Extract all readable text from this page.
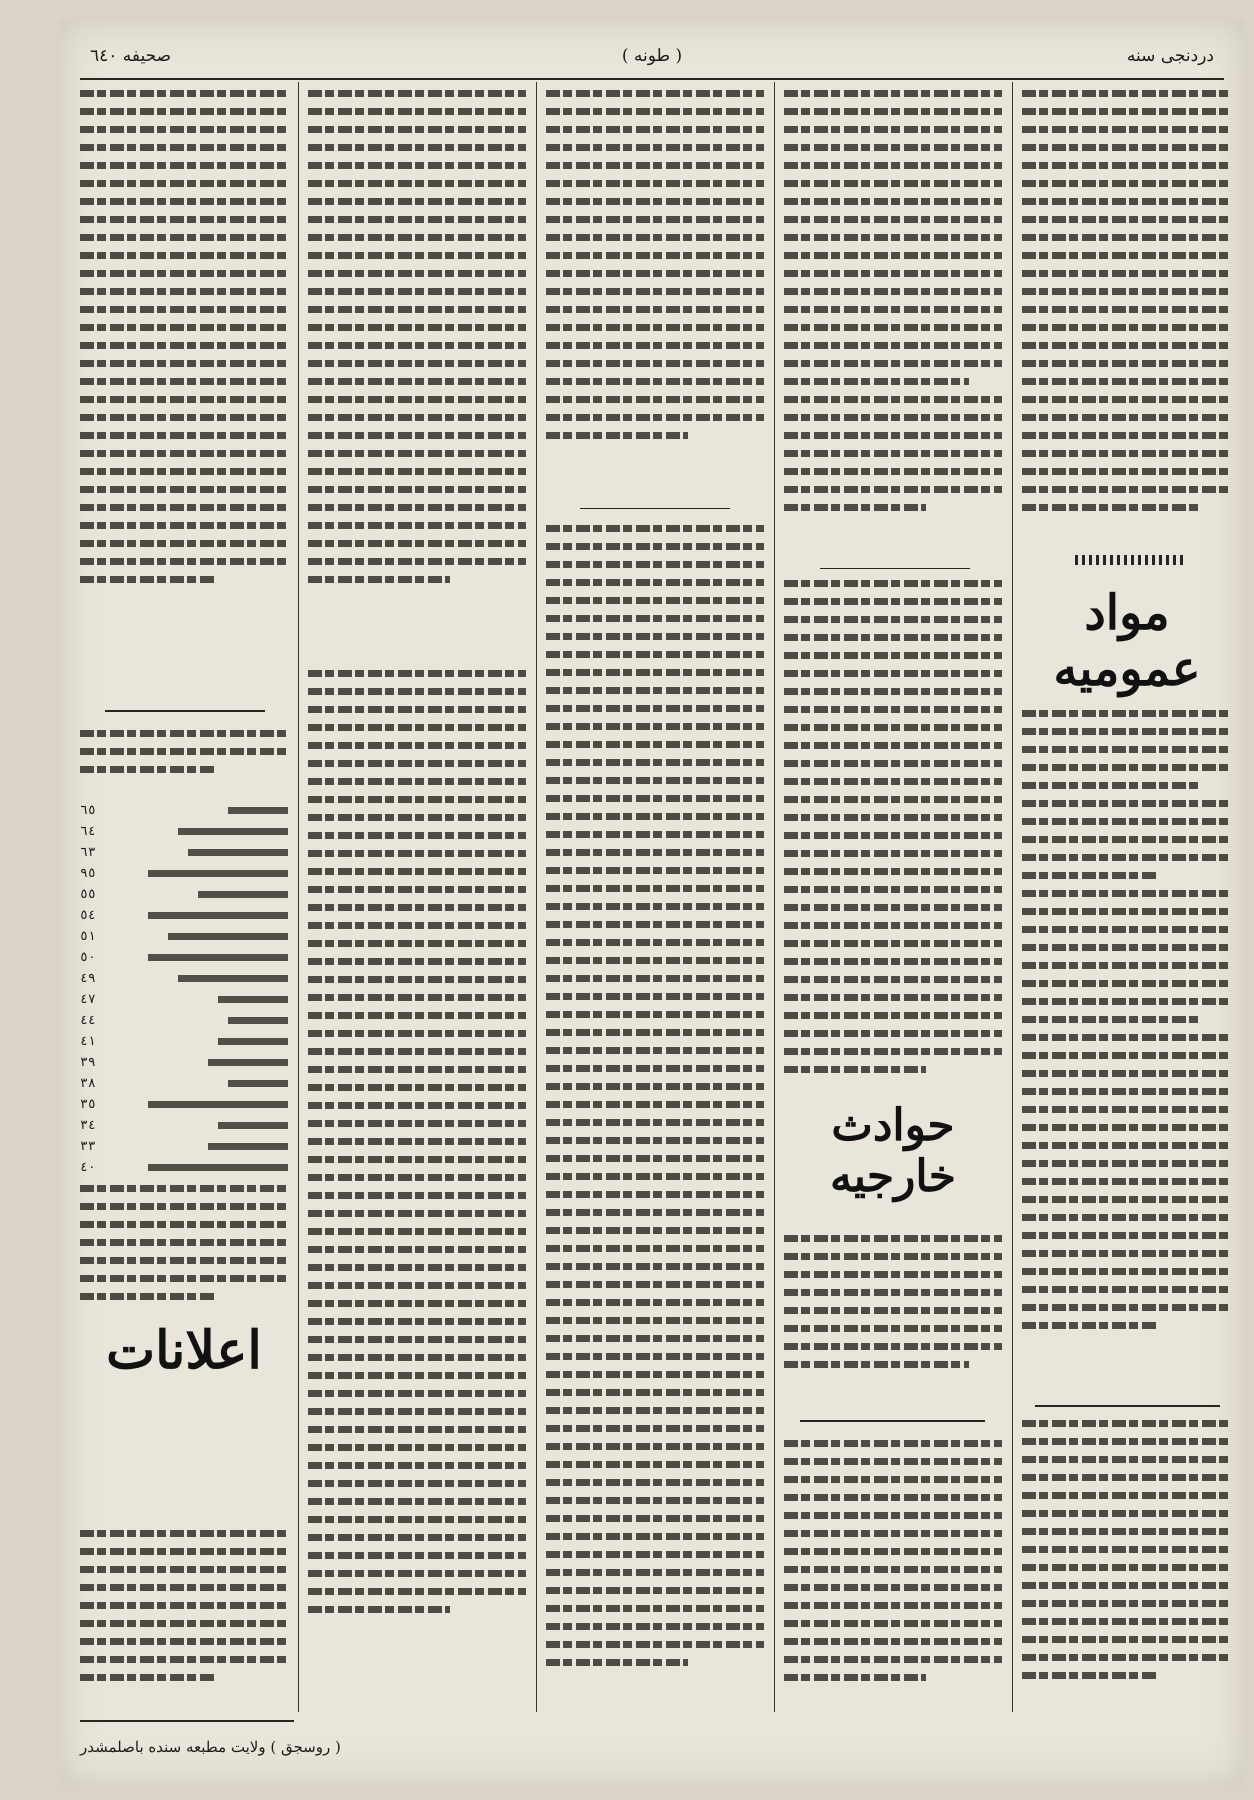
دردنجی سنه
( طونه )
صحیفه ٦٤٠
مواد عمومیه
حوادث خارجیه
٦٥
٦٤
٦٣
٩٥
٥٥
٥٤
٥١
٥٠
٤٩
٤٧
٤٤
٤١
٣٩
٣٨
٣٥
٣٤
٣٣
٤٠
اعلانات
( روسجق ) ولایت مطبعه سنده باصلمشدر
